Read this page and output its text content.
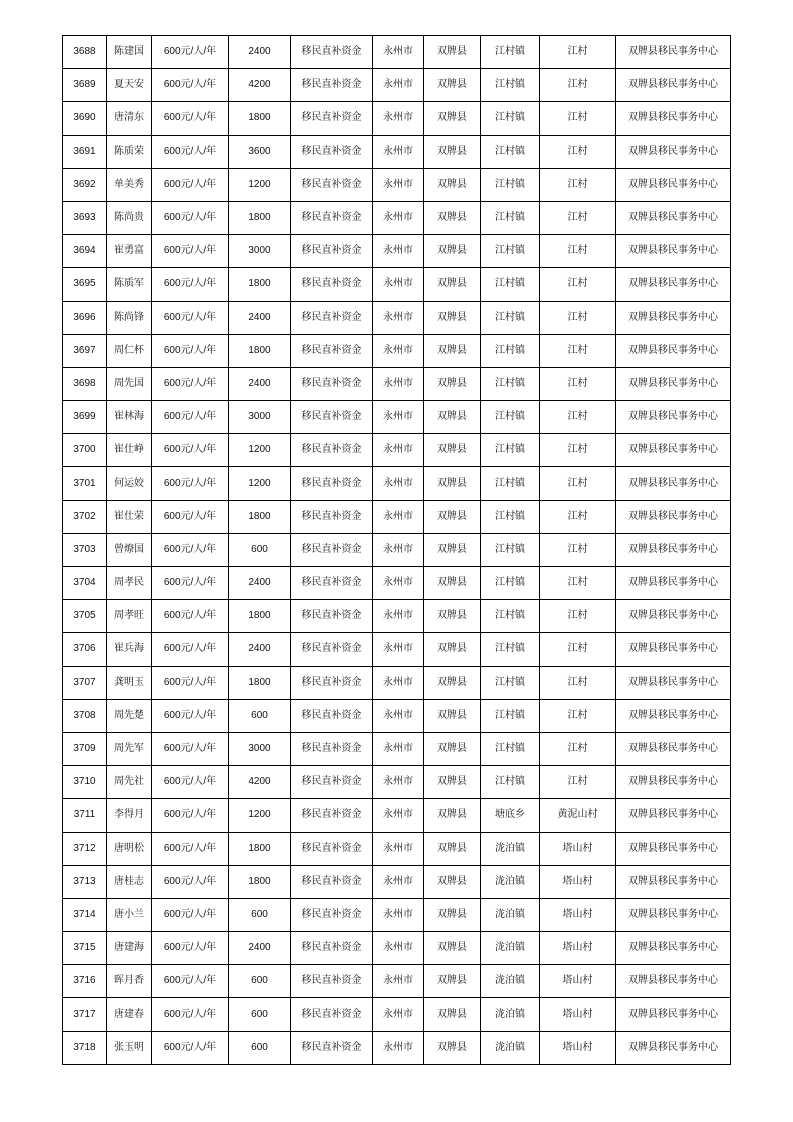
3688	陈建国	600元/人/年	2400	移民直补资金	永州市	双牌县	江村镇	江村	双牌县移民事务中心
3689	夏天安	600元/人/年	4200	移民直补资金	永州市	双牌县	江村镇	江村	双牌县移民事务中心
3690	唐清东	600元/人/年	1800	移民直补资金	永州市	双牌县	江村镇	江村	双牌县移民事务中心
3691	陈质荣	600元/人/年	3600	移民直补资金	永州市	双牌县	江村镇	江村	双牌县移民事务中心
3692	单美秀	600元/人/年	1200	移民直补资金	永州市	双牌县	江村镇	江村	双牌县移民事务中心
3693	陈尚贵	600元/人/年	1800	移民直补资金	永州市	双牌县	江村镇	江村	双牌县移民事务中心
3694	崔勇富	600元/人/年	3000	移民直补资金	永州市	双牌县	江村镇	江村	双牌县移民事务中心
3695	陈质军	600元/人/年	1800	移民直补资金	永州市	双牌县	江村镇	江村	双牌县移民事务中心
3696	陈尚锋	600元/人/年	2400	移民直补资金	永州市	双牌县	江村镇	江村	双牌县移民事务中心
3697	周仁杯	600元/人/年	1800	移民直补资金	永州市	双牌县	江村镇	江村	双牌县移民事务中心
3698	周先国	600元/人/年	2400	移民直补资金	永州市	双牌县	江村镇	江村	双牌县移民事务中心
3699	崔林海	600元/人/年	3000	移民直补资金	永州市	双牌县	江村镇	江村	双牌县移民事务中心
3700	崔仕峥	600元/人/年	1200	移民直补资金	永州市	双牌县	江村镇	江村	双牌县移民事务中心
3701	何运姣	600元/人/年	1200	移民直补资金	永州市	双牌县	江村镇	江村	双牌县移民事务中心
3702	崔仕荣	600元/人/年	1800	移民直补资金	永州市	双牌县	江村镇	江村	双牌县移民事务中心
3703	曾燎国	600元/人/年	600	移民直补资金	永州市	双牌县	江村镇	江村	双牌县移民事务中心
3704	周孝民	600元/人/年	2400	移民直补资金	永州市	双牌县	江村镇	江村	双牌县移民事务中心
3705	周孝旺	600元/人/年	1800	移民直补资金	永州市	双牌县	江村镇	江村	双牌县移民事务中心
3706	崔兵海	600元/人/年	2400	移民直补资金	永州市	双牌县	江村镇	江村	双牌县移民事务中心
3707	龚明玉	600元/人/年	1800	移民直补资金	永州市	双牌县	江村镇	江村	双牌县移民事务中心
3708	周先楚	600元/人/年	600	移民直补资金	永州市	双牌县	江村镇	江村	双牌县移民事务中心
3709	周先军	600元/人/年	3000	移民直补资金	永州市	双牌县	江村镇	江村	双牌县移民事务中心
3710	周先社	600元/人/年	4200	移民直补资金	永州市	双牌县	江村镇	江村	双牌县移民事务中心
3711	李得月	600元/人/年	1200	移民直补资金	永州市	双牌县	塘底乡	黄泥山村	双牌县移民事务中心
3712	唐明松	600元/人/年	1800	移民直补资金	永州市	双牌县	泷泊镇	塔山村	双牌县移民事务中心
3713	唐桂志	600元/人/年	1800	移民直补资金	永州市	双牌县	泷泊镇	塔山村	双牌县移民事务中心
3714	唐小兰	600元/人/年	600	移民直补资金	永州市	双牌县	泷泊镇	塔山村	双牌县移民事务中心
3715	唐建海	600元/人/年	2400	移民直补资金	永州市	双牌县	泷泊镇	塔山村	双牌县移民事务中心
3716	晖月香	600元/人/年	600	移民直补资金	永州市	双牌县	泷泊镇	塔山村	双牌县移民事务中心
3717	唐建春	600元/人/年	600	移民直补资金	永州市	双牌县	泷泊镇	塔山村	双牌县移民事务中心
3718	张玉明	600元/人/年	600	移民直补资金	永州市	双牌县	泷泊镇	塔山村	双牌县移民事务中心
